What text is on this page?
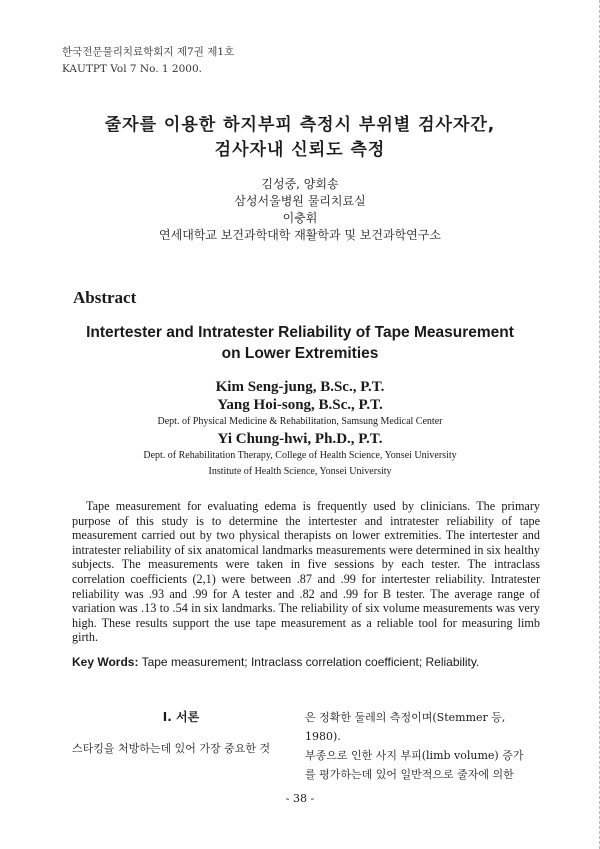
한국전문물리치료학회지 제7권 제1호
KAUTPT Vol 7 No. 1 2000.
줄자를 이용한 하지부피 측정시 부위별 검사자간,
검사자내 신뢰도 측정
김성중, 양회송
삼성서울병원 물리치료실
이충휘
연세대학교 보건과학대학 재활학과 및 보건과학연구소
Abstract
Intertester and Intratester Reliability of Tape Measurement
on Lower Extremities
Kim Seng-jung, B.Sc., P.T.
Yang Hoi-song, B.Sc., P.T.
Dept. of Physical Medicine & Rehabilitation, Samsung Medical Center
Yi Chung-hwi, Ph.D., P.T.
Dept. of Rehabilitation Therapy, College of Health Science, Yonsei University
Institute of Health Science, Yonsei University
Tape measurement for evaluating edema is frequently used by clinicians. The primary purpose of this study is to determine the intertester and intratester reliability of tape measurement carried out by two physical therapists on lower extremities. The intertester and intratester reliability of six anatomical landmarks measurements were determined in six healthy subjects. The measurements were taken in five sessions by each tester. The intraclass correlation coefficients (2,1) were between .87 and .99 for intertester reliability. Intratester reliability was .93 and .99 for A tester and .82 and .99 for B tester. The average range of variation was .13 to .54 in six landmarks. The reliability of six volume measurements was very high. These results support the use tape measurement as a reliable tool for measuring limb girth.
Key Words: Tape measurement; Intraclass correlation coefficient; Reliability.
Ⅰ. 서론
스타킹을 처방하는데 있어 가장 중요한 것
은 정확한 둘레의 측정이며(Stemmer 등, 1980).
부종으로 인한 사지 부피(limb volume) 증가
를 평가하는데 있어 일반적으로 줄자에 의한
- 38 -
